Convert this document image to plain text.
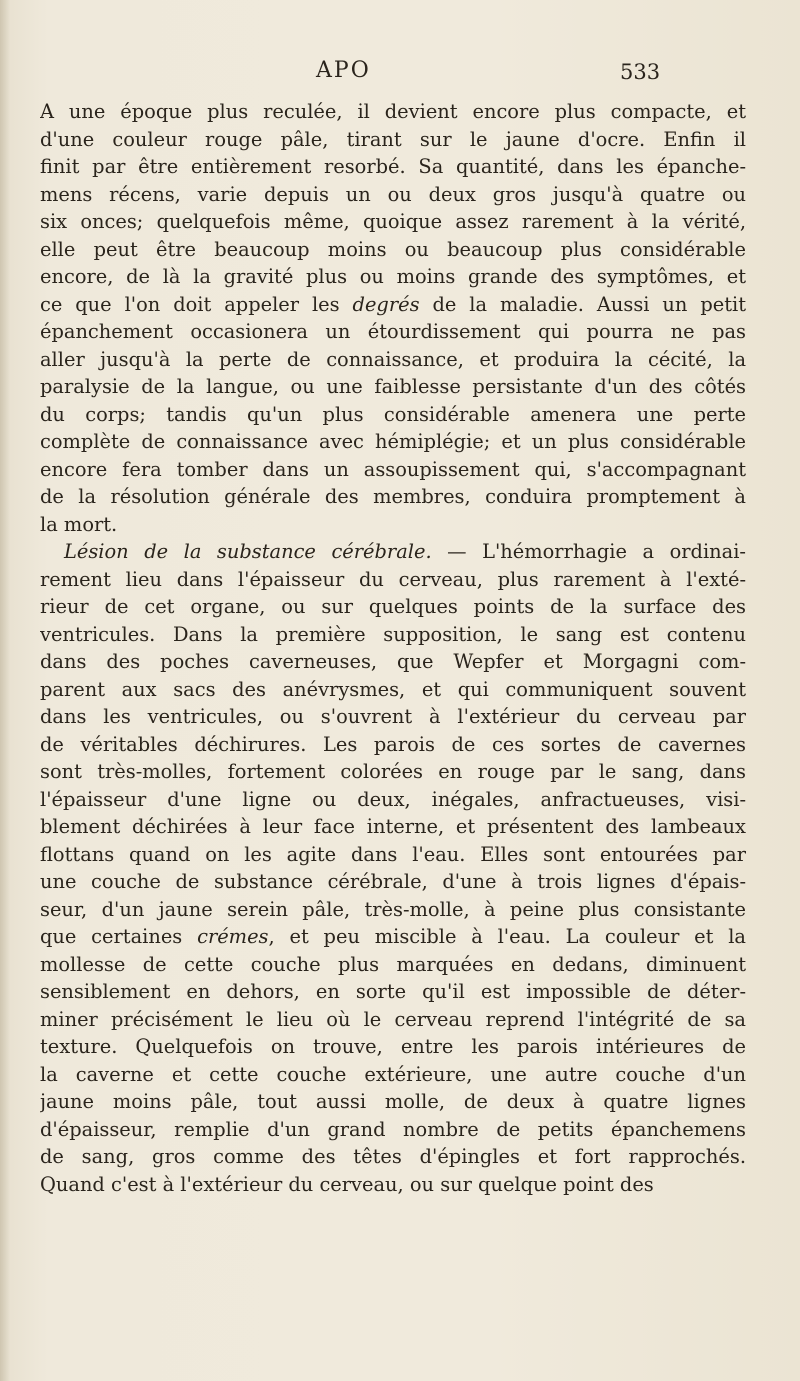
APO	533
A une époque plus reculée, il devient encore plus compacte, et
d'une couleur rouge pâle, tirant sur le jaune d'ocre. Enfin il
finit par être entièrement resorbé. Sa quantité, dans les épanche-
mens récens, varie depuis un ou deux gros jusqu'à quatre ou
six onces; quelquefois même, quoique assez rarement à la vérité,
elle peut être beaucoup moins ou beaucoup plus considérable
encore, de là la gravité plus ou moins grande des symptômes, et
ce que l'on doit appeler les degrés de la maladie. Aussi un petit
épanchement occasionera un étourdissement qui pourra ne pas
aller jusqu'à la perte de connaissance, et produira la cécité, la
paralysie de la langue, ou une faiblesse persistante d'un des côtés
du corps; tandis qu'un plus considérable amenera une perte
complète de connaissance avec hémiplégie; et un plus considérable
encore fera tomber dans un assoupissement qui, s'accompagnant
de la résolution générale des membres, conduira promptement à
la mort.
Lésion de la substance cérébrale. — L'hémorrhagie a ordinai-
rement lieu dans l'épaisseur du cerveau, plus rarement à l'exté-
rieur de cet organe, ou sur quelques points de la surface des
ventricules. Dans la première supposition, le sang est contenu
dans des poches caverneuses, que Wepfer et Morgagni com-
parent aux sacs des anévrysmes, et qui communiquent souvent
dans les ventricules, ou s'ouvrent à l'extérieur du cerveau par
de véritables déchirures. Les parois de ces sortes de cavernes
sont très-molles, fortement colorées en rouge par le sang, dans
l'épaisseur d'une ligne ou deux, inégales, anfractueuses, visi-
blement déchirées à leur face interne, et présentent des lambeaux
flottans quand on les agite dans l'eau. Elles sont entourées par
une couche de substance cérébrale, d'une à trois lignes d'épais-
seur, d'un jaune serein pâle, très-molle, à peine plus consistante
que certaines crémes, et peu miscible à l'eau. La couleur et la
mollesse de cette couche plus marquées en dedans, diminuent
sensiblement en dehors, en sorte qu'il est impossible de déter-
miner précisément le lieu où le cerveau reprend l'intégrité de sa
texture. Quelquefois on trouve, entre les parois intérieures de
la caverne et cette couche extérieure, une autre couche d'un
jaune moins pâle, tout aussi molle, de deux à quatre lignes
d'épaisseur, remplie d'un grand nombre de petits épanchemens
de sang, gros comme des têtes d'épingles et fort rapprochés.
Quand c'est à l'extérieur du cerveau, ou sur quelque point des
